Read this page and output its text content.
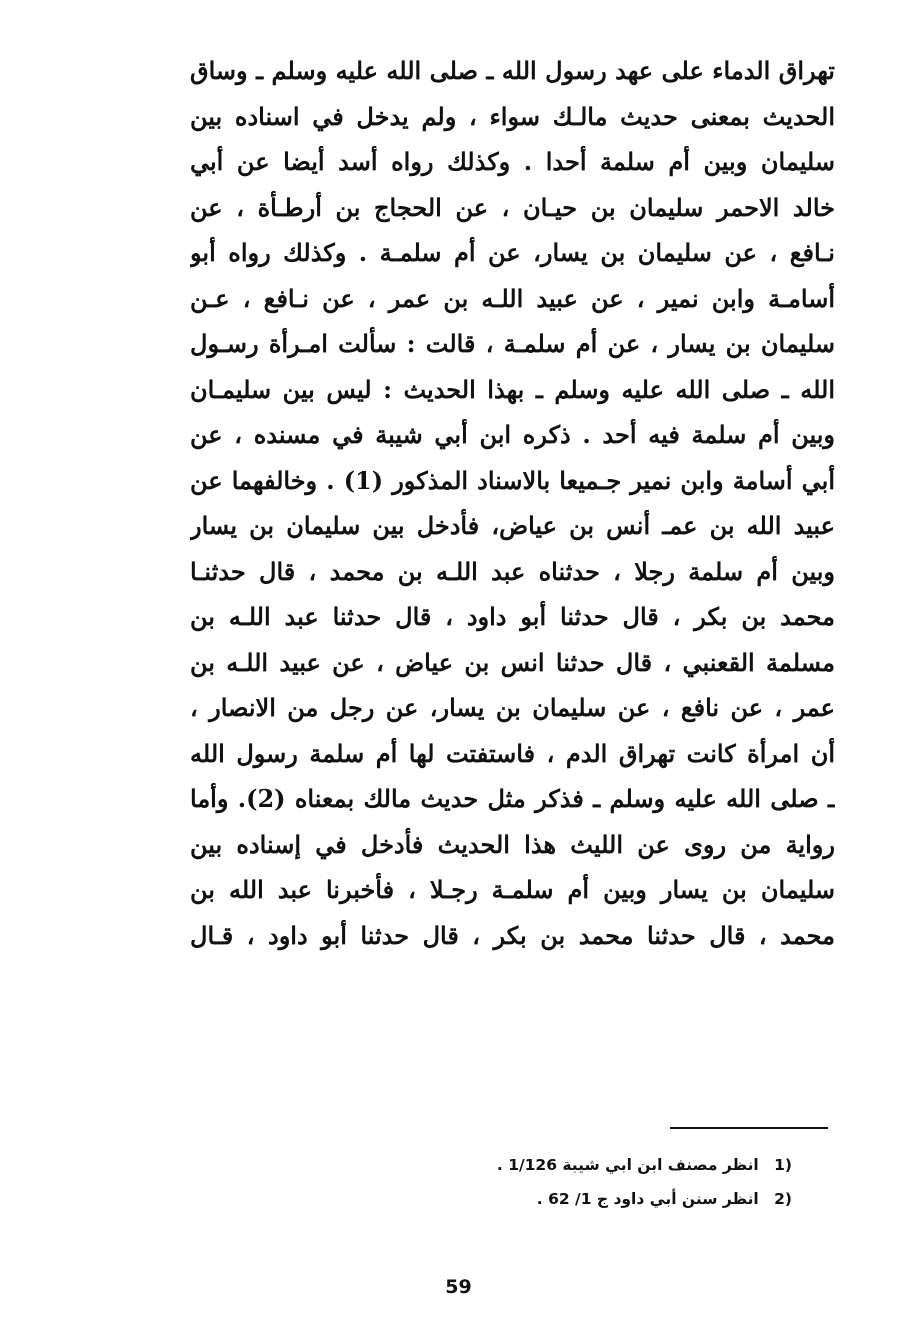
تهراق الدماء على عهد رسول الله ـ صلى الله عليه وسلم ـ وساق
الحديث بمعنى حديث مالـك سواء ، ولم يدخل في اسناده بين
سليمان وبين أم سلمة أحدا . وكذلك رواه أسد أيضا عن أبي
خالد الاحمر سليمان بن حيـان ، عن الحجاج بن أرطـأة ، عن
نـافع ، عن سليمان بن يسار، عن أم سلمـة . وكذلك رواه أبو
أسامـة وابن نمير ، عن عبيد اللـه بن عمر ، عن نـافع ، عـن
سليمان بن يسار ، عن أم سلمـة ، قالت : سألت امـرأة رسـول
الله ـ صلى الله عليه وسلم ـ بهذا الحديث : ليس بين سليمـان
وبين أم سلمة فيه أحد . ذكره ابن أبي شيبة في مسنده ، عن
أبي أسامة وابن نمير جـميعا بالاسناد المذكور (1) . وخالفهما عن
عبيد الله بن عمـ أنس بن عياض، فأدخل بين سليمان بن يسار
وبين أم سلمة رجلا ، حدثناه عبد اللـه بن محمد ، قال حدثنـا
محمد بن بكر ، قال حدثنا أبو داود ، قال حدثنا عبد اللـه بن
مسلمة القعنبي ، قال حدثنا انس بن عياض ، عن عبيد اللـه بن
عمر ، عن نافع ، عن سليمان بن يسار، عن رجل من الانصار ،
أن امرأة كانت تهراق الدم ، فاستفتت لها أم سلمة رسول الله
ـ صلى الله عليه وسلم ـ فذكر مثل حديث مالك بمعناه (2). وأما
رواية من روى عن الليث هذا الحديث فأدخل في إسناده بين
سليمان بن يسار وبين أم سلمـة رجـلا ، فأخبرنا عبد الله بن
محمد ، قال حدثنا محمد بن بكر ، قال حدثنا أبو داود ، قـال
1) انظر مصنف ابن ابي شيبة 1/126 .
2) انظر سنن أبي داود ج 1/ 62 .
59
